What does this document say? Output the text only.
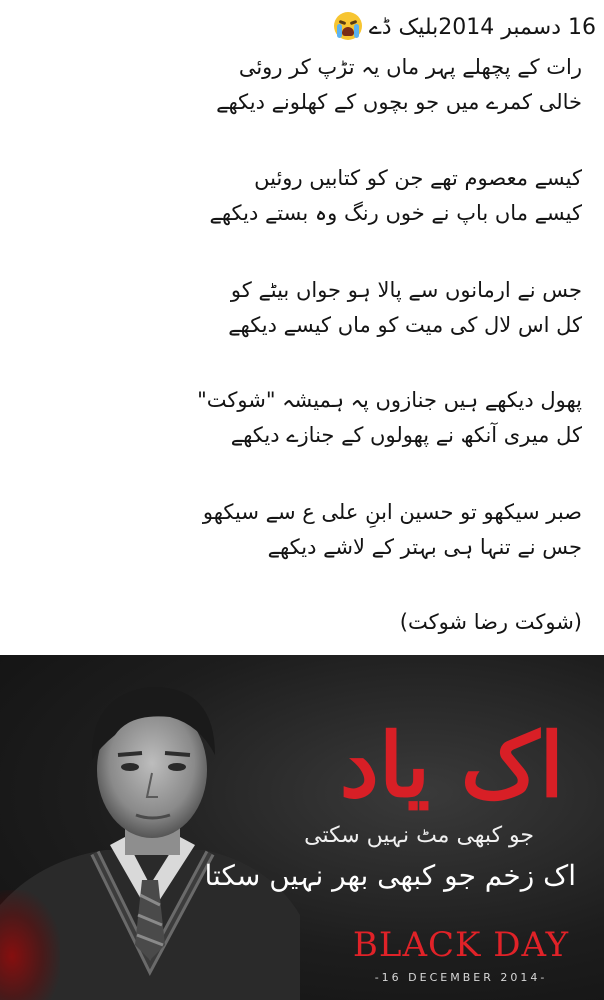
16 دسمبر 2014بلیک ڈے
رات کے پچھلے پہر ماں یہ تڑپ کر روئی
خالی کمرے میں جو بچوں کے کھلونے دیکھے
کیسے معصوم تھے جن کو کتابیں روئیں
کیسے ماں باپ نے خوں رنگ وہ بستے دیکھے
جس نے ارمانوں سے پالا ہو جواں بیٹے کو
کل اس لال کی میت کو ماں کیسے دیکھے
پھول دیکھے ہیں جنازوں پہ ہمیشہ "شوکت"
کل میری آنکھ نے پھولوں کے جنازے دیکھے
صبر سیکھو تو حسین ابنِ علی ع سے سیکھو
جس نے تنہا ہی بہتر کے لاشے دیکھے
(شوکت رضا شوکت)
اک یاد
جو کبھی مٹ نہیں سکتی
اک زخم جو کبھی بھر نہیں سکتا
BLACK DAY
-16 DECEMBER 2014-
